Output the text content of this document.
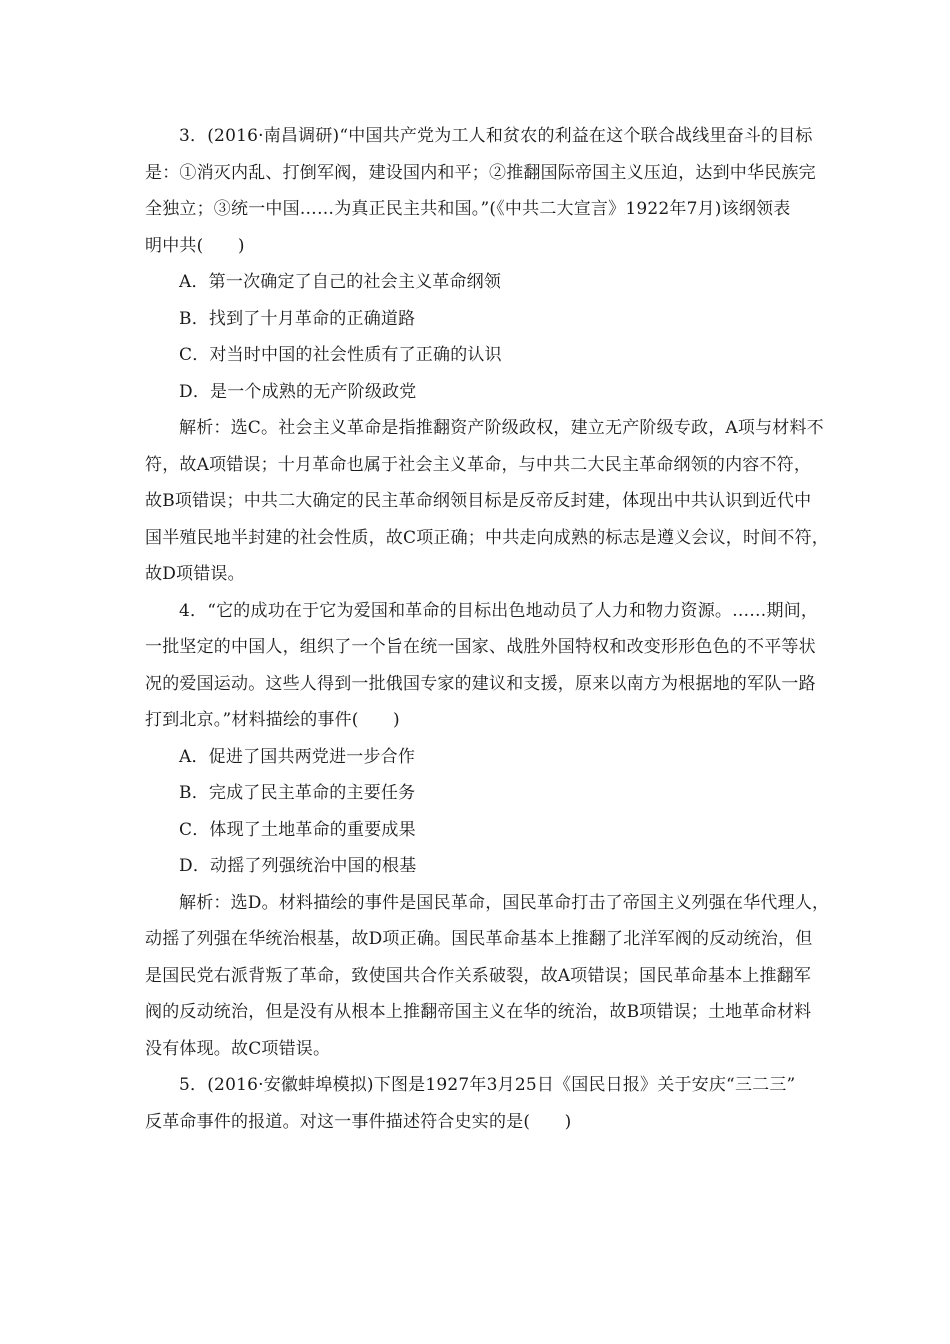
3．(2016·南昌调研)“中国共产党为工人和贫农的利益在这个联合战线里奋斗的目标
是：①消灭内乱、打倒军阀，建设国内和平；②推翻国际帝国主义压迫，达到中华民族完
全独立；③统一中国……为真正民主共和国。”(《中共二大宣言》1922年7月)该纲领表
明中共(　　)
A．第一次确定了自己的社会主义革命纲领
B．找到了十月革命的正确道路
C．对当时中国的社会性质有了正确的认识
D．是一个成熟的无产阶级政党
解析：选C。社会主义革命是指推翻资产阶级政权，建立无产阶级专政，A项与材料不
符，故A项错误；十月革命也属于社会主义革命，与中共二大民主革命纲领的内容不符，
故B项错误；中共二大确定的民主革命纲领目标是反帝反封建，体现出中共认识到近代中
国半殖民地半封建的社会性质，故C项正确；中共走向成熟的标志是遵义会议，时间不符，
故D项错误。
4．“它的成功在于它为爱国和革命的目标出色地动员了人力和物力资源。……期间，
一批坚定的中国人，组织了一个旨在统一国家、战胜外国特权和改变形形色色的不平等状
况的爱国运动。这些人得到一批俄国专家的建议和支援，原来以南方为根据地的军队一路
打到北京。”材料描绘的事件(　　)
A．促进了国共两党进一步合作
B．完成了民主革命的主要任务
C．体现了土地革命的重要成果
D．动摇了列强统治中国的根基
解析：选D。材料描绘的事件是国民革命，国民革命打击了帝国主义列强在华代理人，
动摇了列强在华统治根基，故D项正确。国民革命基本上推翻了北洋军阀的反动统治，但
是国民党右派背叛了革命，致使国共合作关系破裂，故A项错误；国民革命基本上推翻军
阀的反动统治，但是没有从根本上推翻帝国主义在华的统治，故B项错误；土地革命材料
没有体现。故C项错误。
5．(2016·安徽蚌埠模拟)下图是1927年3月25日《国民日报》关于安庆“三二三”
反革命事件的报道。对这一事件描述符合史实的是(　　)
